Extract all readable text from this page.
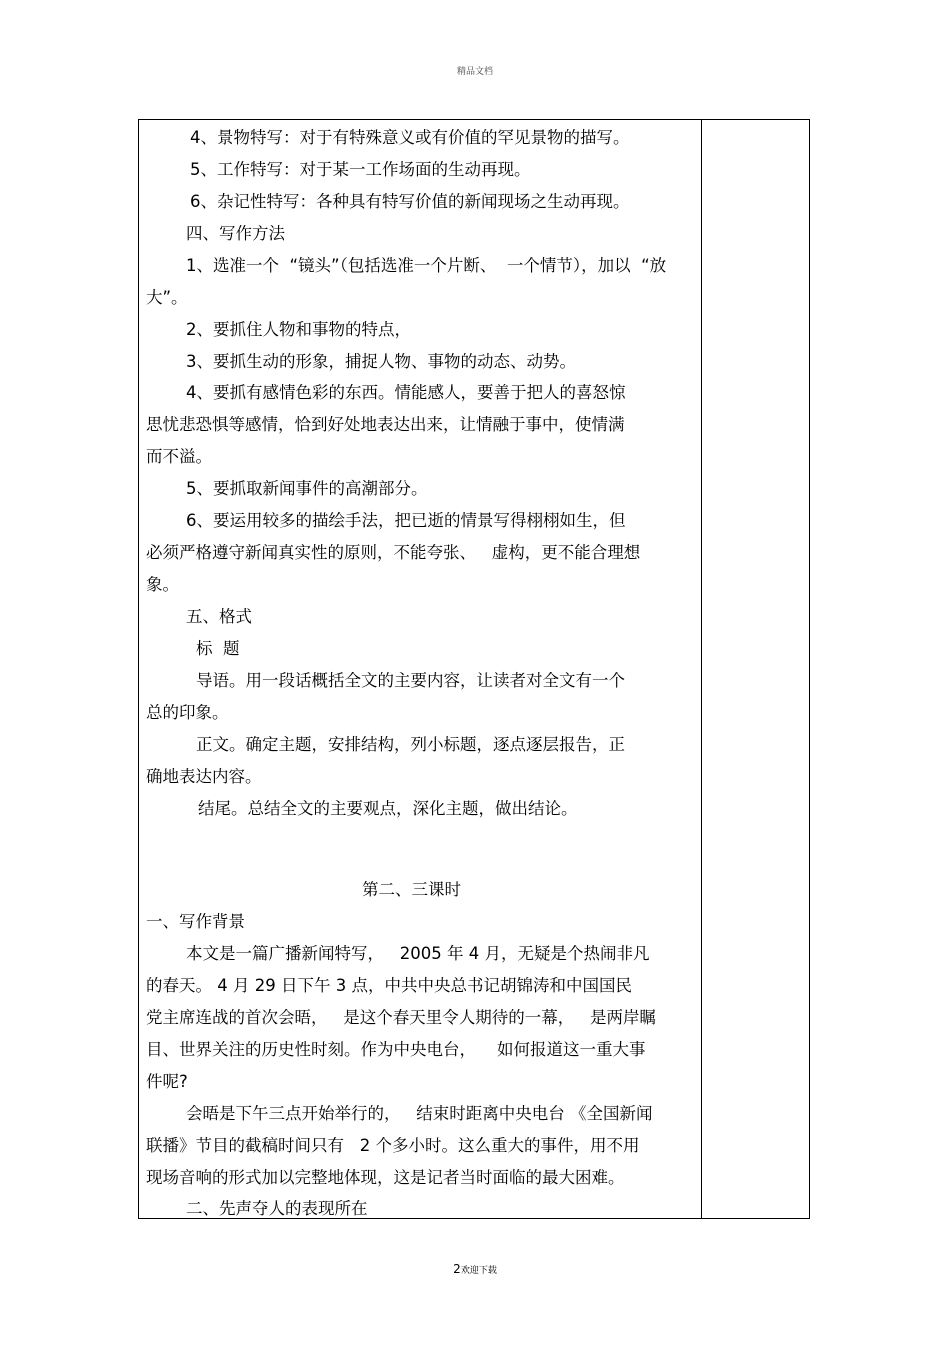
精品文档
4、景物特写：对于有特殊意义或有价值的罕见景物的描写。
5、工作特写：对于某一工作场面的生动再现。
6、杂记性特写：各种具有特写价值的新闻现场之生动再现。
四、写作方法
1、选准一个  “镜头”（包括选准一个片断、  一个情节），加以  “放
大”。
2、要抓住人物和事物的特点，
3、要抓生动的形象，捕捉人物、事物的动态、动势。
4、要抓有感情色彩的东西。情能感人，要善于把人的喜怒惊
思忧悲恐惧等感情，恰到好处地表达出来，让情融于事中，使情满
而不溢。
5、要抓取新闻事件的高潮部分。
6、要运用较多的描绘手法，把已逝的情景写得栩栩如生，但
必须严格遵守新闻真实性的原则，不能夸张、   虚构，更不能合理想
象。
五、格式
标  题
导语。用一段话概括全文的主要内容，让读者对全文有一个
总的印象。
正文。确定主题，安排结构，列小标题，逐点逐层报告，正
确地表达内容。
结尾。总结全文的主要观点，深化主题，做出结论。
第二、三课时
一、写作背景
本文是一篇广播新闻特写，   2005 年 4 月，无疑是个热闹非凡
的春天。 4 月 29 日下午 3 点，中共中央总书记胡锦涛和中国国民
党主席连战的首次会晤，   是这个春天里令人期待的一幕，   是两岸瞩
目、世界关注的历史性时刻。作为中央电台，    如何报道这一重大事
件呢?
会晤是下午三点开始举行的，   结束时距离中央电台 《全国新闻
联播》节目的截稿时间只有   2 个多小时。这么重大的事件，用不用
现场音响的形式加以完整地体现，这是记者当时面临的最大困难。
二、先声夺人的表现所在
2欢迎下载
